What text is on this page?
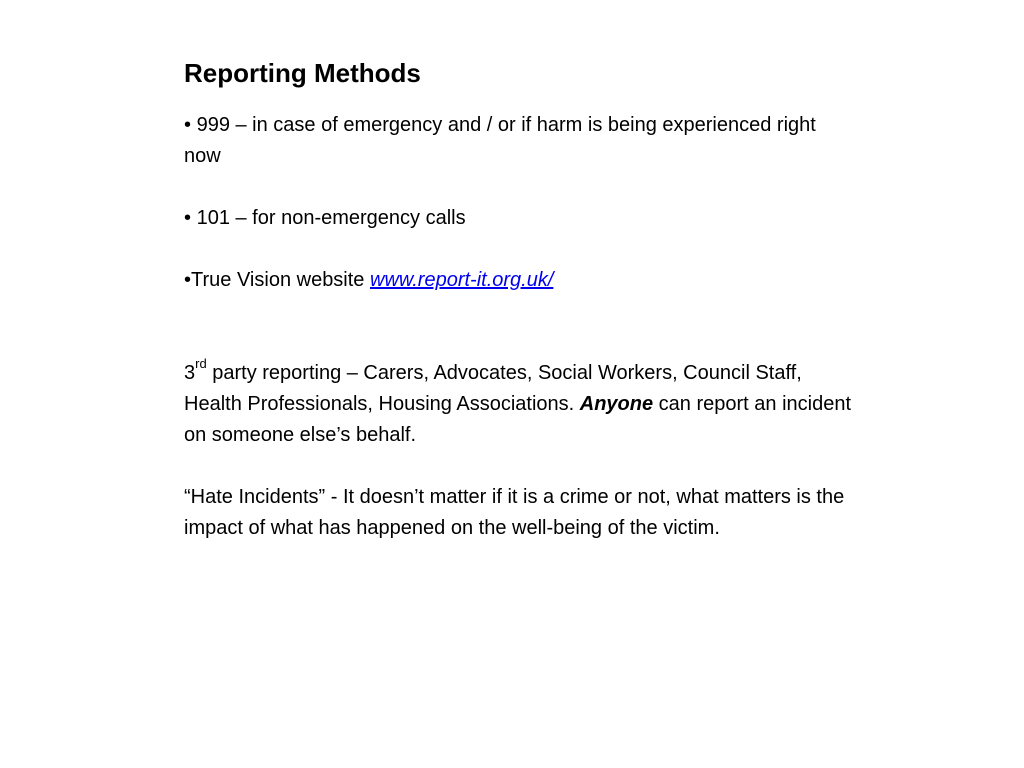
Reporting Methods

• 999 – in case of emergency and / or if harm is being experienced right now

• 101 – for non-emergency calls

•True Vision website www.report-it.org.uk/

3rd party reporting – Carers, Advocates, Social Workers, Council Staff, Health Professionals, Housing Associations. Anyone can report an incident on someone else’s behalf.

“Hate Incidents” - It doesn’t matter if it is a crime or not, what matters is the impact of what has happened on the well-being of the victim.
